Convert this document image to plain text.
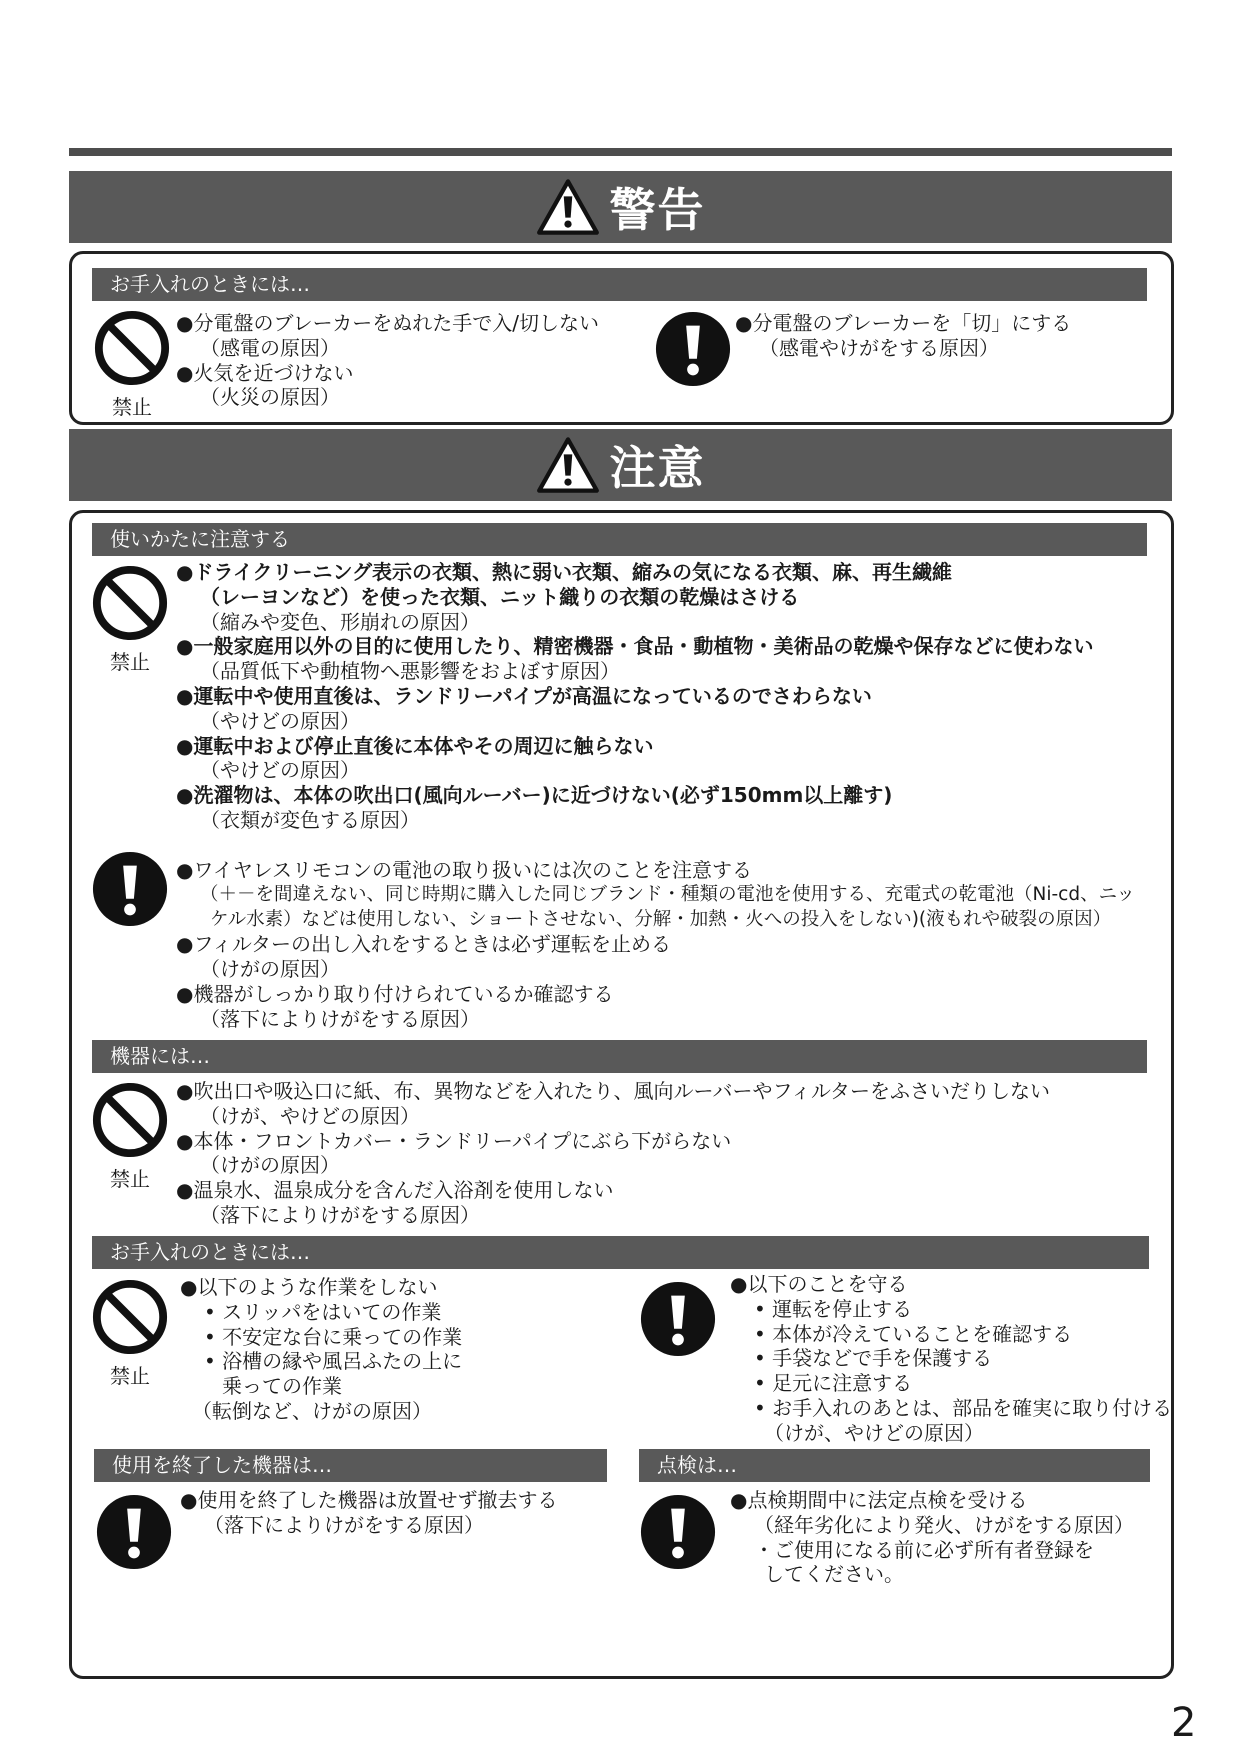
警告
お手入れのときには…
禁止
●分電盤のブレーカーをぬれた手で入/切しない
（感電の原因）
●火気を近づけない
（火災の原因）
●分電盤のブレーカーを「切」にする
（感電やけがをする原因）
注意
使いかたに注意する
禁止
●ドライクリーニング表示の衣類、熱に弱い衣類、縮みの気になる衣類、麻、再生繊維
（レーヨンなど）を使った衣類、ニット織りの衣類の乾燥はさける
（縮みや変色、形崩れの原因）
●一般家庭用以外の目的に使用したり、精密機器・食品・動植物・美術品の乾燥や保存などに使わない
（品質低下や動植物へ悪影響をおよぼす原因）
●運転中や使用直後は、ランドリーパイプが高温になっているのでさわらない
（やけどの原因）
●運転中および停止直後に本体やその周辺に触らない
（やけどの原因）
●洗濯物は、本体の吹出口(風向ルーバー)に近づけない(必ず150mm以上離す)
（衣類が変色する原因）
●ワイヤレスリモコンの電池の取り扱いには次のことを注意する
（＋－を間違えない、同じ時期に購入した同じブランド・種類の電池を使用する、充電式の乾電池（Ni-cd、ニッ
ケル水素）などは使用しない、ショートさせない、分解・加熱・火への投入をしない)(液もれや破裂の原因）
●フィルターの出し入れをするときは必ず運転を止める
（けがの原因）
●機器がしっかり取り付けられているか確認する
（落下によりけがをする原因）
機器には…
禁止
●吹出口や吸込口に紙、布、異物などを入れたり、風向ルーバーやフィルターをふさいだりしない
（けが、やけどの原因）
●本体・フロントカバー・ランドリーパイプにぶら下がらない
（けがの原因）
●温泉水、温泉成分を含んだ入浴剤を使用しない
（落下によりけがをする原因）
お手入れのときには…
禁止
●以下のような作業をしない
• スリッパをはいての作業
• 不安定な台に乗っての作業
• 浴槽の縁や風呂ふたの上に
乗っての作業
（転倒など、けがの原因）
●以下のことを守る
• 運転を停止する
• 本体が冷えていることを確認する
• 手袋などで手を保護する
• 足元に注意する
• お手入れのあとは、部品を確実に取り付ける
（けが、やけどの原因）
使用を終了した機器は…
●使用を終了した機器は放置せず撤去する
（落下によりけがをする原因）
点検は…
●点検期間中に法定点検を受ける
（経年劣化により発火、けがをする原因）
・ご使用になる前に必ず所有者登録を
してください。
2
